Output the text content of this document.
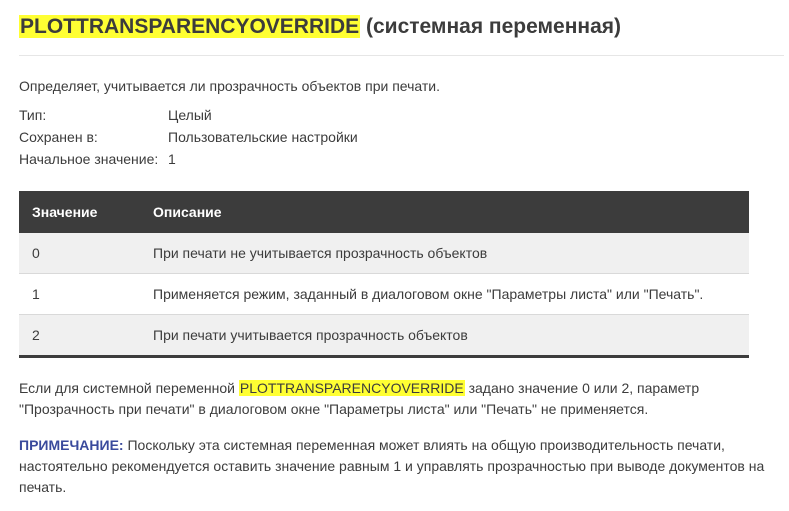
PLOTTRANSPARENCYOVERRIDE (системная переменная)
Определяет, учитывается ли прозрачность объектов при печати.
Тип:	Целый
Сохранен в:	Пользовательские настройки
Начальное значение: 1
Значение	Описание
0	При печати не учитывается прозрачность объектов
1	Применяется режим, заданный в диалоговом окне "Параметры листа" или "Печать".
2	При печати учитывается прозрачность объектов
Если для системной переменной PLOTTRANSPARENCYOVERRIDE задано значение 0 или 2, параметр "Прозрачность при печати" в диалоговом окне "Параметры листа" или "Печать" не применяется.
ПРИМЕЧАНИЕ: Поскольку эта системная переменная может влиять на общую производительность печати, настоятельно рекомендуется оставить значение равным 1 и управлять прозрачностью при выводе документов на печать.
